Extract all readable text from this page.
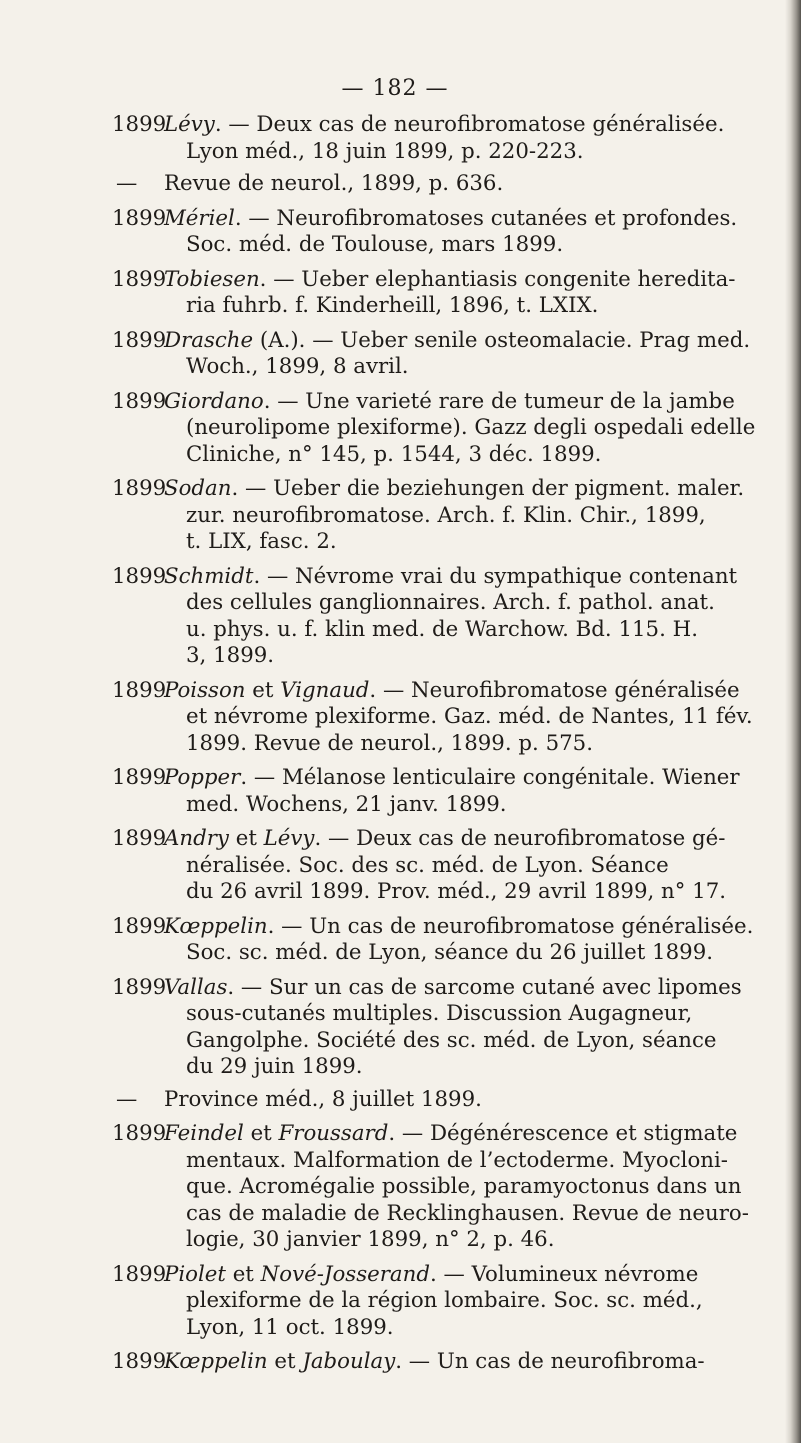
— 182 —
1899
Lévy. — Deux cas de neurofibromatose généralisée.
Lyon méd., 18 juin 1899, p. 220-223.
— Revue de neurol., 1899, p. 636.
1899
Mériel. — Neurofibromatoses cutanées et profondes.
Soc. méd. de Toulouse, mars 1899.
1899
Tobiesen. — Ueber elephantiasis congenite heredita-
ria fuhrb. f. Kinderheill, 1896, t. LXIX.
1899
Drasche (A.). — Ueber senile osteomalacie. Prag med.
Woch., 1899, 8 avril.
1899
Giordano. — Une varieté rare de tumeur de la jambe
(neurolipome plexiforme). Gazz degli ospedali edelle
Cliniche, n° 145, p. 1544, 3 déc. 1899.
1899
Sodan. — Ueber die beziehungen der pigment. maler.
zur. neurofibromatose. Arch. f. Klin. Chir., 1899,
t. LIX, fasc. 2.
1899
Schmidt. — Névrome vrai du sympathique contenant
des cellules ganglionnaires. Arch. f. pathol. anat.
u. phys. u. f. klin med. de Warchow. Bd. 115. H.
3, 1899.
1899
Poisson et Vignaud. — Neurofibromatose généralisée
et névrome plexiforme. Gaz. méd. de Nantes, 11 fév.
1899. Revue de neurol., 1899. p. 575.
1899
Popper. — Mélanose lenticulaire congénitale. Wiener
med. Wochens, 21 janv. 1899.
1899
Andry et Lévy. — Deux cas de neurofibromatose gé-
néralisée. Soc. des sc. méd. de Lyon. Séance
du 26 avril 1899. Prov. méd., 29 avril 1899, n° 17.
1899
Kœppelin. — Un cas de neurofibromatose généralisée.
Soc. sc. méd. de Lyon, séance du 26 juillet 1899.
1899
Vallas. — Sur un cas de sarcome cutané avec lipomes
sous-cutanés multiples. Discussion Augagneur,
Gangolphe. Société des sc. méd. de Lyon, séance
du 29 juin 1899.
— Province méd., 8 juillet 1899.
1899
Feindel et Froussard. — Dégénérescence et stigmate
mentaux. Malformation de l’ectoderme. Myocloni-
que. Acromégalie possible, paramyoctonus dans un
cas de maladie de Recklinghausen. Revue de neuro-
logie, 30 janvier 1899, n° 2, p. 46.
1899
Piolet et Nové-Josserand. — Volumineux névrome
plexiforme de la région lombaire. Soc. sc. méd.,
Lyon, 11 oct. 1899.
1899
Kœppelin et Jaboulay. — Un cas de neurofibroma-
